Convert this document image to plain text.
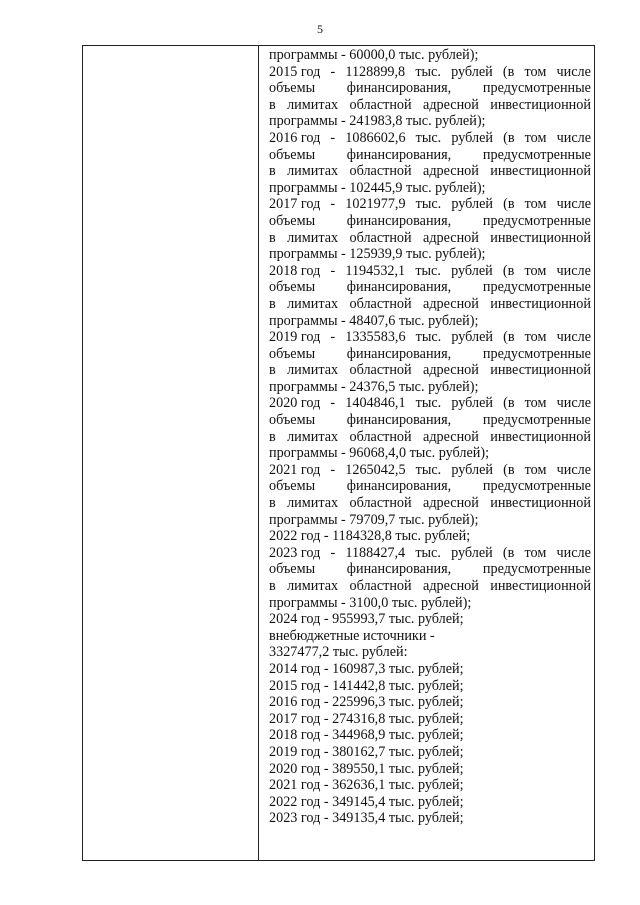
5
программы - 60000,0 тыс. рублей);
2015 год - 1128899,8 тыс. рублей (в том числе
объемы финансирования, предусмотренные
в лимитах областной адресной инвестиционной
программы - 241983,8 тыс. рублей);
2016 год - 1086602,6 тыс. рублей (в том числе
объемы финансирования, предусмотренные
в лимитах областной адресной инвестиционной
программы - 102445,9 тыс. рублей);
2017 год - 1021977,9 тыс. рублей (в том числе
объемы финансирования, предусмотренные
в лимитах областной адресной инвестиционной
программы - 125939,9 тыс. рублей);
2018 год - 1194532,1 тыс. рублей (в том числе
объемы финансирования, предусмотренные
в лимитах областной адресной инвестиционной
программы - 48407,6 тыс. рублей);
2019 год - 1335583,6 тыс. рублей (в том числе
объемы финансирования, предусмотренные
в лимитах областной адресной инвестиционной
программы - 24376,5 тыс. рублей);
2020 год - 1404846,1 тыс. рублей (в том числе
объемы финансирования, предусмотренные
в лимитах областной адресной инвестиционной
программы - 96068,4,0 тыс. рублей);
2021 год - 1265042,5 тыс. рублей (в том числе
объемы финансирования, предусмотренные
в лимитах областной адресной инвестиционной
программы - 79709,7 тыс. рублей);
2022 год - 1184328,8 тыс. рублей;
2023 год - 1188427,4 тыс. рублей (в том числе
объемы финансирования, предусмотренные
в лимитах областной адресной инвестиционной
программы - 3100,0 тыс. рублей);
2024 год - 955993,7 тыс. рублей;
внебюджетные источники -
3327477,2 тыс. рублей:
2014 год - 160987,3 тыс. рублей;
2015 год - 141442,8 тыс. рублей;
2016 год - 225996,3 тыс. рублей;
2017 год - 274316,8 тыс. рублей;
2018 год - 344968,9 тыс. рублей;
2019 год - 380162,7 тыс. рублей;
2020 год - 389550,1 тыс. рублей;
2021 год - 362636,1 тыс. рублей;
2022 год - 349145,4 тыс. рублей;
2023 год - 349135,4 тыс. рублей;
